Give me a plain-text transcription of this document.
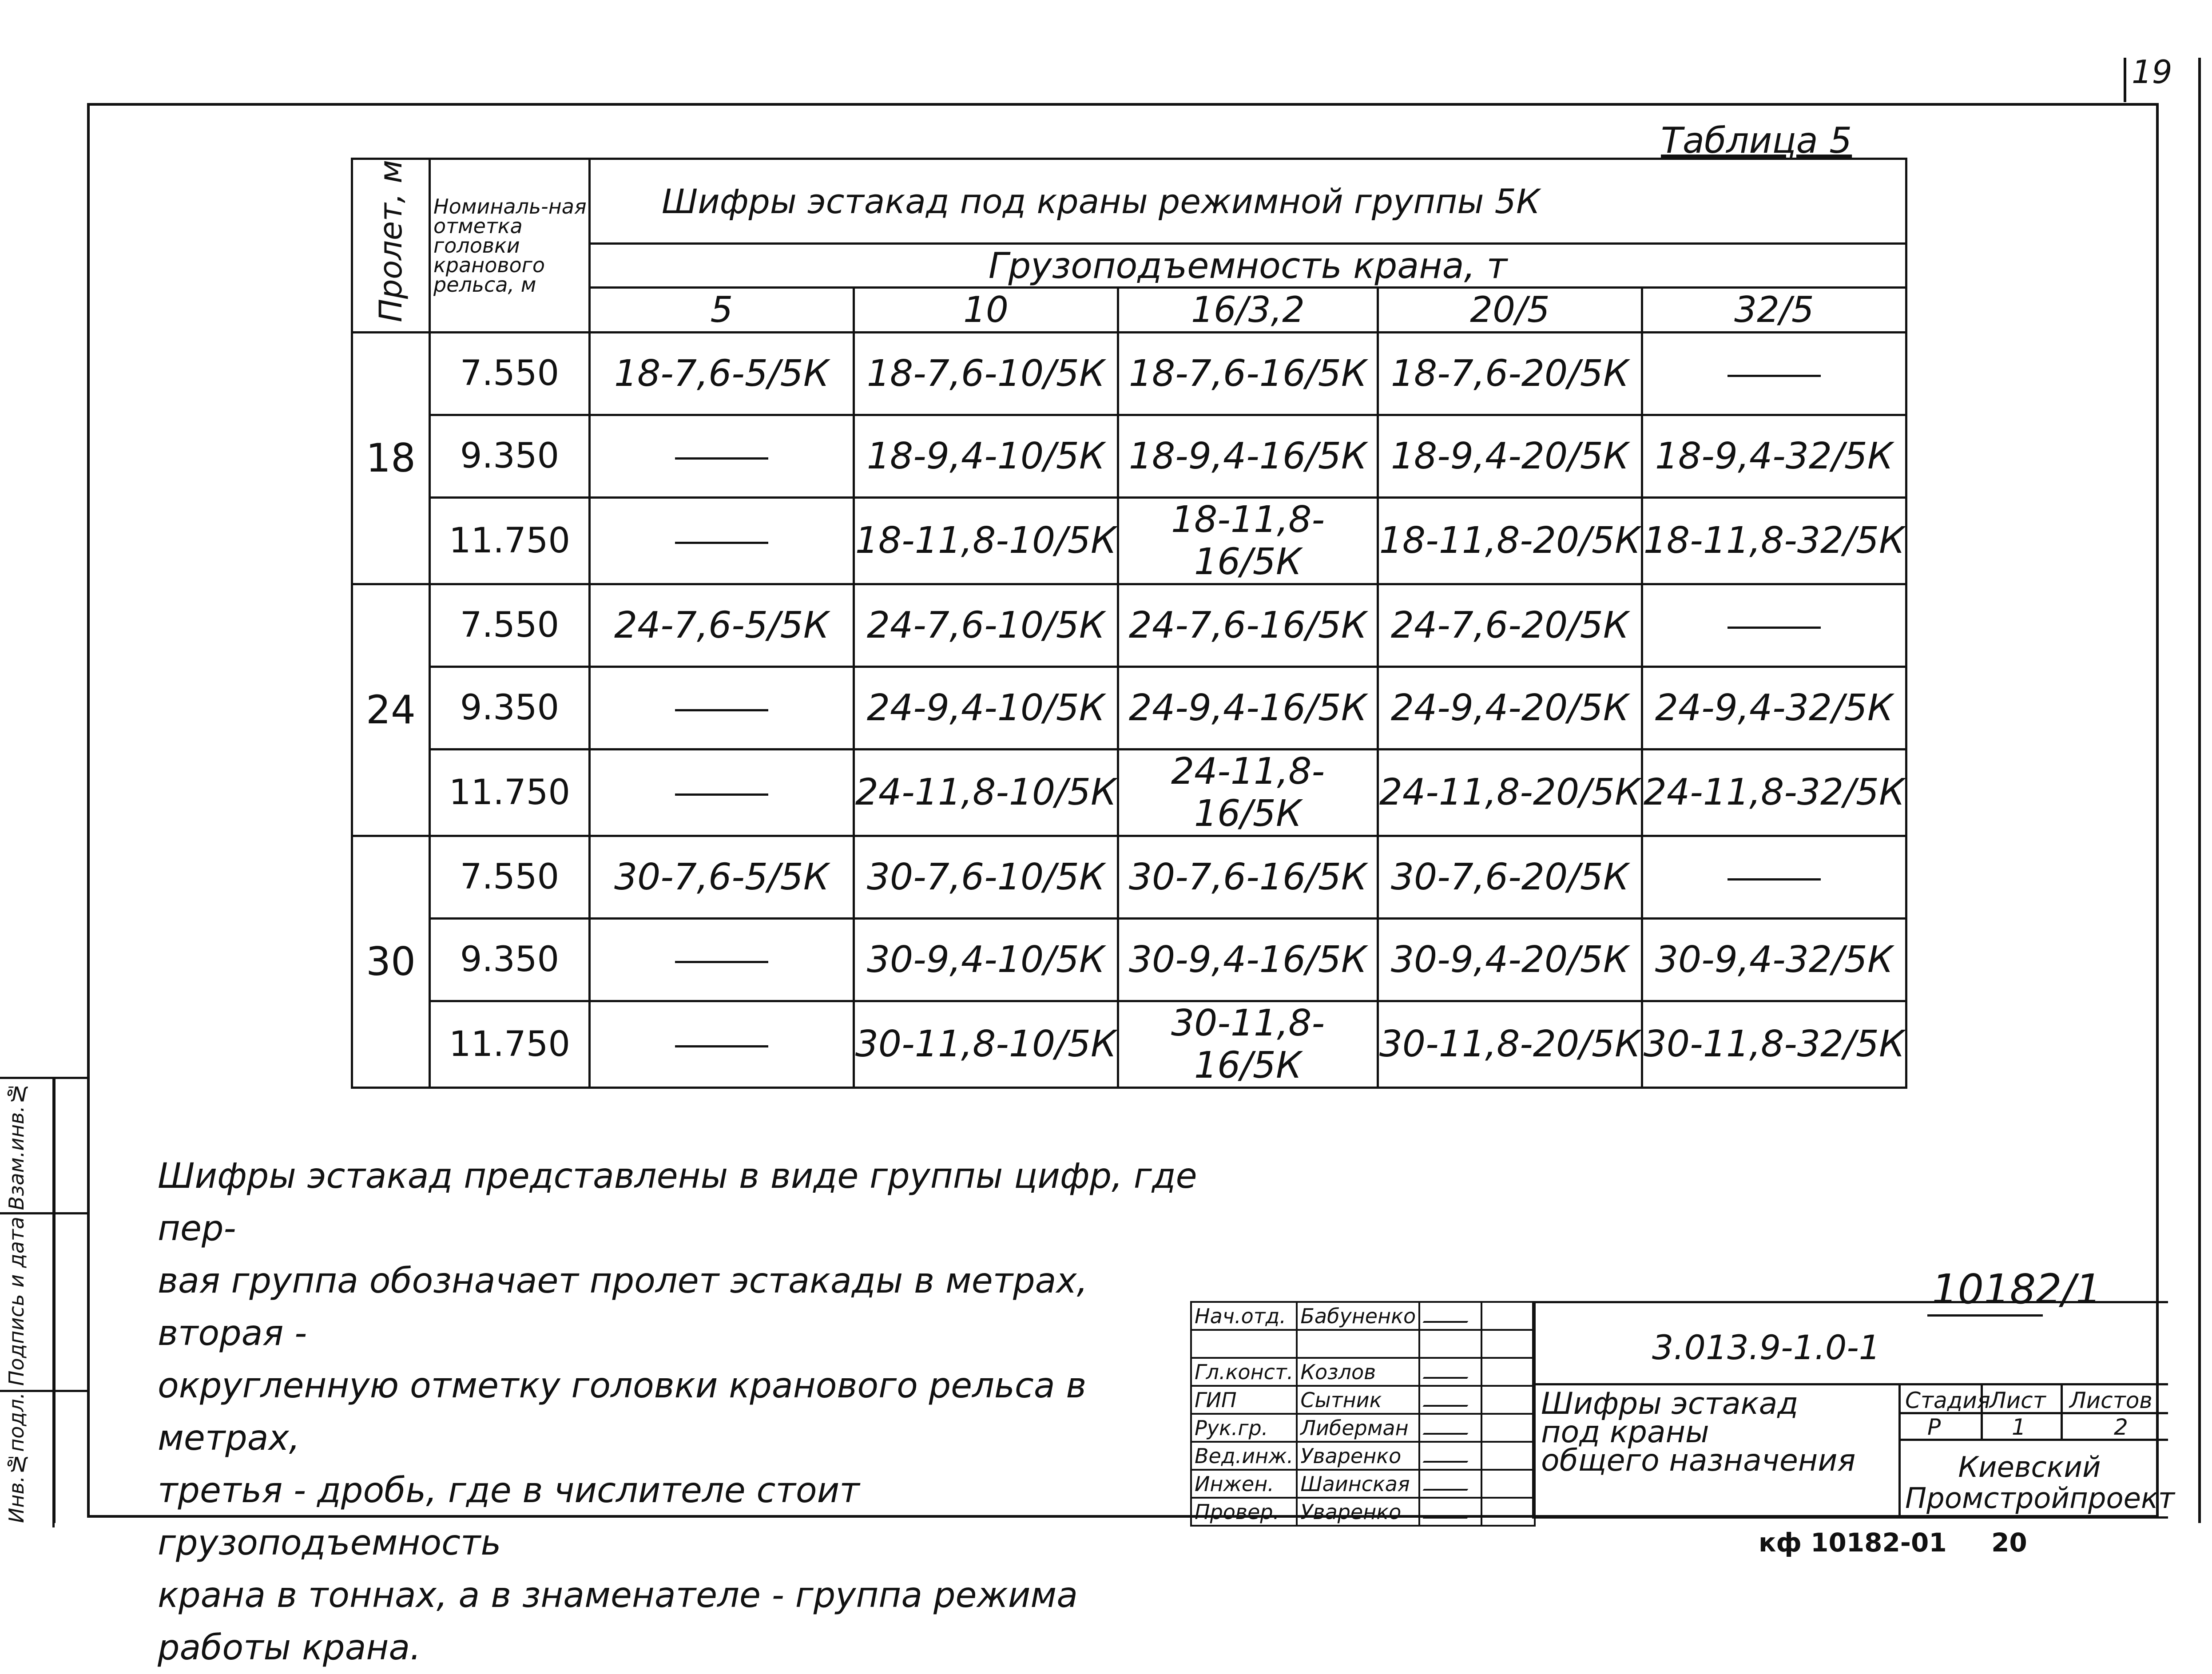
19
Таблица 5
Пролет, м	Номиналь-ная отметка головки кранового рельса, м	Шифры эстакад под краны режимной группы 5К				
		Грузоподъемность крана, т				
		5	10	16/3,2	20/5	32/5
18	7.550	18-7,6-5/5К	18-7,6-10/5К	18-7,6-16/5К	18-7,6-20/5К	
	9.350		18-9,4-10/5К	18-9,4-16/5К	18-9,4-20/5К	18-9,4-32/5К
	11.750		18-11,8-10/5К	18-11,8-16/5К	18-11,8-20/5К	18-11,8-32/5К
24	7.550	24-7,6-5/5К	24-7,6-10/5К	24-7,6-16/5К	24-7,6-20/5К	
	9.350		24-9,4-10/5К	24-9,4-16/5К	24-9,4-20/5К	24-9,4-32/5К
	11.750		24-11,8-10/5К	24-11,8-16/5К	24-11,8-20/5К	24-11,8-32/5К
30	7.550	30-7,6-5/5К	30-7,6-10/5К	30-7,6-16/5К	30-7,6-20/5К	
	9.350		30-9,4-10/5К	30-9,4-16/5К	30-9,4-20/5К	30-9,4-32/5К
	11.750		30-11,8-10/5К	30-11,8-16/5К	30-11,8-20/5К	30-11,8-32/5К
Инв.№подл. Подпись и дата Взам.инв.№	Шифры эстакад представлены в виде группы цифр, где пер-
вая группа обозначает пролет эстакады в метрах, вторая -
округленную отметку головки кранового рельса в метрах,
третья - дробь, где в числителе стоит грузоподъемность
крана в тоннах, а в знаменателе - группа режима
работы крана.
10182/1
Нач.отд.	Бабуненко	

Гл.конст.	Козлов	

ГИП	Сытник	

Рук.гр.	Либерман	

Вед.инж.	Уваренко	

Инжен.	Шаинская	

Провер.	Уваренко	

3.013.9-1.0-1
Шифры эстакад
под краны
общего назначения
Стадия
Лист Листов
Р	1	2
Киевский
Промстройпроект
кф 10182-01 20
